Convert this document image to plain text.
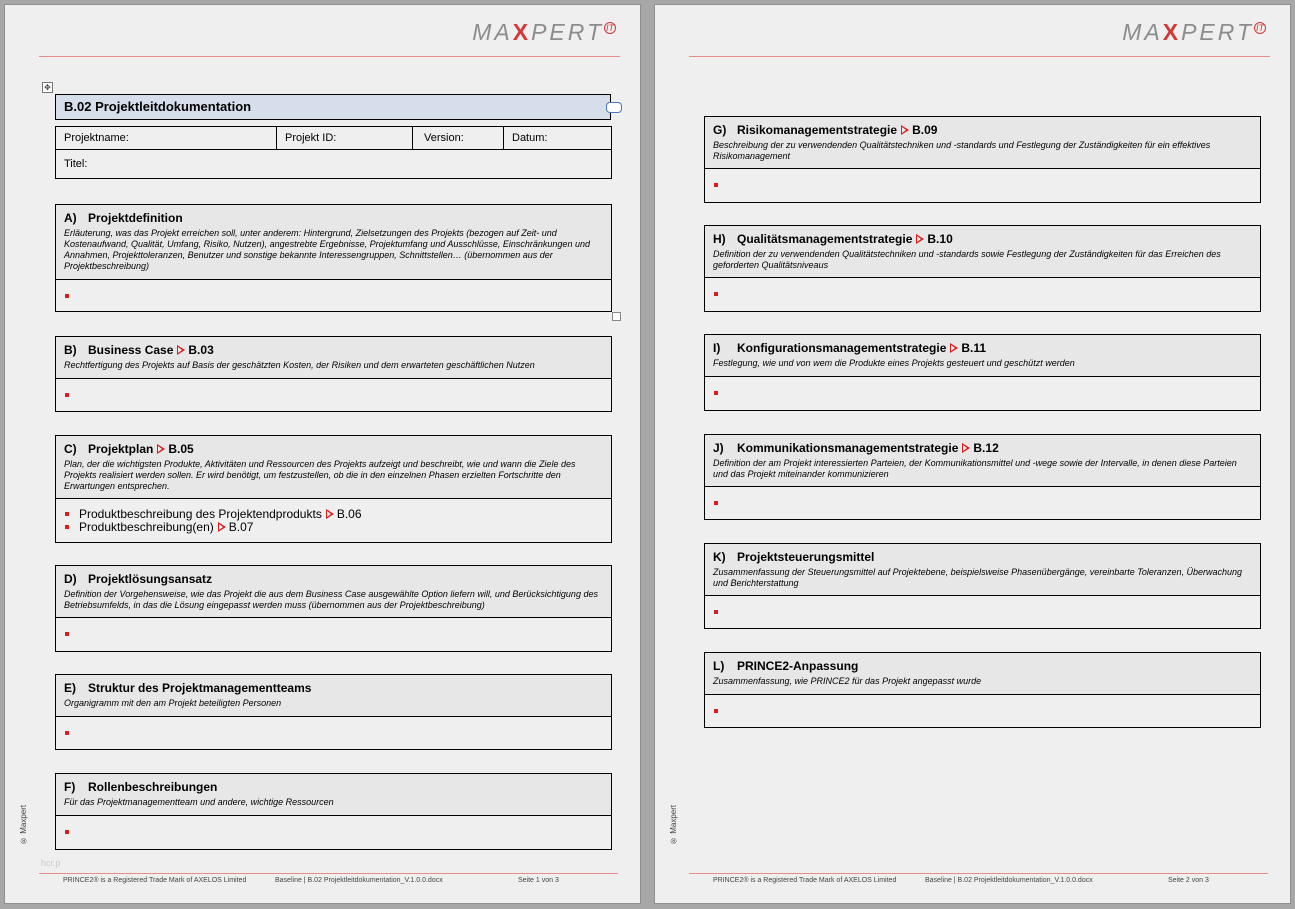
MAXPERT $^{IT}$
✥
B.02 Projektleitdokumentation
Projektname:	Projekt ID:	Version:	Datum:
Titel:
A) Projektdefinition
Erläuterung, was das Projekt erreichen soll, unter anderem: Hintergrund, Zielsetzungen des Projekts (bezogen auf Zeit- und Kostenaufwand, Qualität, Umfang, Risiko, Nutzen), angestrebte Ergebnisse, Projektumfang und Ausschlüsse, Einschränkungen und Annahmen, Projekttoleranzen, Benutzer und sonstige bekannte Interessengruppen, Schnittstellen… (übernommen aus der Projektbeschreibung)
B) Business Case B.03
Rechtfertigung des Projekts auf Basis der geschätzten Kosten, der Risiken und dem erwarteten geschäftlichen Nutzen
C) Projektplan B.05
Plan, der die wichtigsten Produkte, Aktivitäten und Ressourcen des Projekts aufzeigt und beschreibt, wie und wann die Ziele des Projekts realisiert werden sollen. Er wird benötigt, um festzustellen, ob die in den einzelnen Phasen erzielten Fortschritte den Erwartungen entsprechen.
Produktbeschreibung des Projektendprodukts B.06
Produktbeschreibung(en) B.07
D) Projektlösungsansatz
Definition der Vorgehensweise, wie das Projekt die aus dem Business Case ausgewählte Option liefern will, und Berücksichtigung des Betriebsumfelds, in das die Lösung eingepasst werden muss (übernommen aus der Projektbeschreibung)
E) Struktur des Projektmanagementteams
Organigramm mit den am Projekt beteiligten Personen
F) Rollenbeschreibungen
Für das Projektmanagementteam und andere, wichtige Ressourcen
® Maxpert
hcr.p
PRINCE2® is a Registered Trade Mark of AXELOS Limited	Baseline | B.02 Projektleitdokumentation_V.1.0.0.docx	Seite 1 von 3
MAXPERT $^{IT}$
G) Risikomanagementstrategie B.09
Beschreibung der zu verwendenden Qualitätstechniken und -standards und Festlegung der Zuständigkeiten für ein effektives Risikomanagement
H) Qualitätsmanagementstrategie B.10
Definition der zu verwendenden Qualitätstechniken und -standards sowie Festlegung der Zuständigkeiten für das Erreichen des geforderten Qualitätsniveaus
I) Konfigurationsmanagementstrategie B.11
Festlegung, wie und von wem die Produkte eines Projekts gesteuert und geschützt werden
J) Kommunikationsmanagementstrategie B.12
Definition der am Projekt interessierten Parteien, der Kommunikationsmittel und -wege sowie der Intervalle, in denen diese Parteien und das Projekt miteinander kommunizieren
K) Projektsteuerungsmittel
Zusammenfassung der Steuerungsmittel auf Projektebene, beispielsweise Phasenübergänge, vereinbarte Toleranzen, Überwachung und Berichterstattung
L) PRINCE2-Anpassung
Zusammenfassung, wie PRINCE2 für das Projekt angepasst wurde
® Maxpert
PRINCE2® is a Registered Trade Mark of AXELOS Limited	Baseline | B.02 Projektleitdokumentation_V.1.0.0.docx	Seite 2 von 3
